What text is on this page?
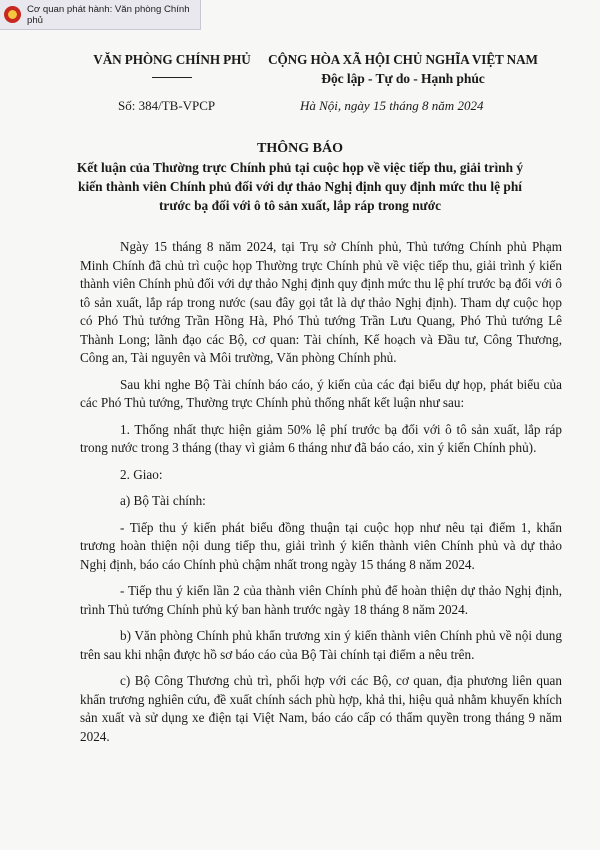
Cơ quan phát hành: Văn phòng Chính phủ
VĂN PHÒNG CHÍNH PHỦ	CỘNG HÒA XÃ HỘI CHỦ NGHĨA VIỆT NAM
Độc lập - Tự do - Hạnh phúc
Số: 384/TB-VPCP	Hà Nội, ngày 15 tháng 8 năm 2024
THÔNG BÁO
Kết luận của Thường trực Chính phủ tại cuộc họp về việc tiếp thu, giải trình ý kiến thành viên Chính phủ đối với dự thảo Nghị định quy định mức thu lệ phí trước bạ đối với ô tô sản xuất, lắp ráp trong nước

Ngày 15 tháng 8 năm 2024, tại Trụ sở Chính phủ, Thủ tướng Chính phủ Phạm Minh Chính đã chủ trì cuộc họp Thường trực Chính phủ về việc tiếp thu, giải trình ý kiến thành viên Chính phủ đối với dự thảo Nghị định quy định mức thu lệ phí trước bạ đối với ô tô sản xuất, lắp ráp trong nước (sau đây gọi tắt là dự thảo Nghị định). Tham dự cuộc họp có Phó Thủ tướng Trần Hồng Hà, Phó Thủ tướng Trần Lưu Quang, Phó Thủ tướng Lê Thành Long; lãnh đạo các Bộ, cơ quan: Tài chính, Kế hoạch và Đầu tư, Công Thương, Công an, Tài nguyên và Môi trường, Văn phòng Chính phủ.

Sau khi nghe Bộ Tài chính báo cáo, ý kiến của các đại biểu dự họp, phát biểu của các Phó Thủ tướng, Thường trực Chính phủ thống nhất kết luận như sau:

1. Thống nhất thực hiện giảm 50% lệ phí trước bạ đối với ô tô sản xuất, lắp ráp trong nước trong 3 tháng (thay vì giảm 6 tháng như đã báo cáo, xin ý kiến Chính phủ).

2. Giao:

a) Bộ Tài chính:

- Tiếp thu ý kiến phát biểu đồng thuận tại cuộc họp như nêu tại điểm 1, khẩn trương hoàn thiện nội dung tiếp thu, giải trình ý kiến thành viên Chính phủ và dự thảo Nghị định, báo cáo Chính phủ chậm nhất trong ngày 15 tháng 8 năm 2024.

- Tiếp thu ý kiến lần 2 của thành viên Chính phủ để hoàn thiện dự thảo Nghị định, trình Thủ tướng Chính phủ ký ban hành trước ngày 18 tháng 8 năm 2024.

b) Văn phòng Chính phủ khẩn trương xin ý kiến thành viên Chính phủ về nội dung trên sau khi nhận được hồ sơ báo cáo của Bộ Tài chính tại điểm a nêu trên.

c) Bộ Công Thương chủ trì, phối hợp với các Bộ, cơ quan, địa phương liên quan khẩn trương nghiên cứu, đề xuất chính sách phù hợp, khả thi, hiệu quả nhằm khuyến khích sản xuất và sử dụng xe điện tại Việt Nam, báo cáo cấp có thẩm quyền trong tháng 9 năm 2024.
